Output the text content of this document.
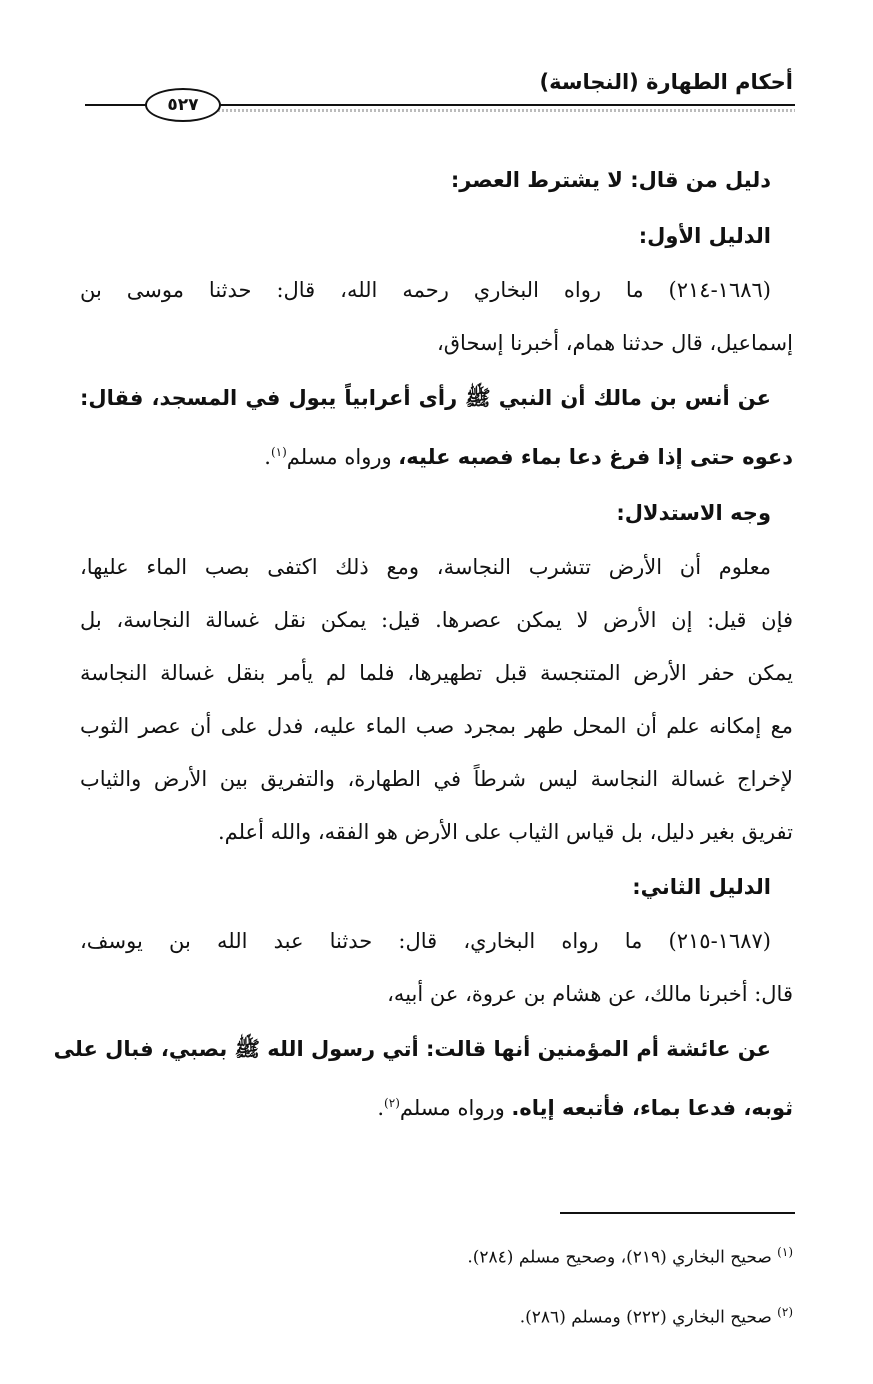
أحكام الطهارة (النجاسة)
٥٢٧
دليل من قال: لا يشترط العصر:
الدليل الأول:
(١٦٨٦-٢١٤) ما رواه البخاري رحمه الله، قال: حدثنا موسى بن
إسماعيل، قال حدثنا همام، أخبرنا إسحاق،
عن أنس بن مالك أن النبي ﷺ رأى أعرابياً يبول في المسجد، فقال:
دعوه حتى إذا فرغ دعا بماء فصبه عليه، ورواه مسلم$^{(١)}$.
وجه الاستدلال:
معلوم أن الأرض تتشرب النجاسة، ومع ذلك اكتفى بصب الماء عليها،
فإن قيل: إن الأرض لا يمكن عصرها. قيل: يمكن نقل غسالة النجاسة، بل
يمكن حفر الأرض المتنجسة قبل تطهيرها، فلما لم يأمر بنقل غسالة النجاسة
مع إمكانه علم أن المحل طهر بمجرد صب الماء عليه، فدل على أن عصر الثوب
لإخراج غسالة النجاسة ليس شرطاً في الطهارة، والتفريق بين الأرض والثياب
تفريق بغير دليل، بل قياس الثياب على الأرض هو الفقه، والله أعلم.
الدليل الثاني:
(١٦٨٧-٢١٥) ما رواه البخاري، قال: حدثنا عبد الله بن يوسف،
قال: أخبرنا مالك، عن هشام بن عروة، عن أبيه،
عن عائشة أم المؤمنين أنها قالت: أتي رسول الله ﷺ بصبي، فبال على
ثوبه، فدعا بماء، فأتبعه إياه. ورواه مسلم$^{(٢)}$.
$^{(١)}$ صحيح البخاري (٢١٩)، وصحيح مسلم (٢٨٤).
$^{(٢)}$ صحيح البخاري (٢٢٢) ومسلم (٢٨٦).
